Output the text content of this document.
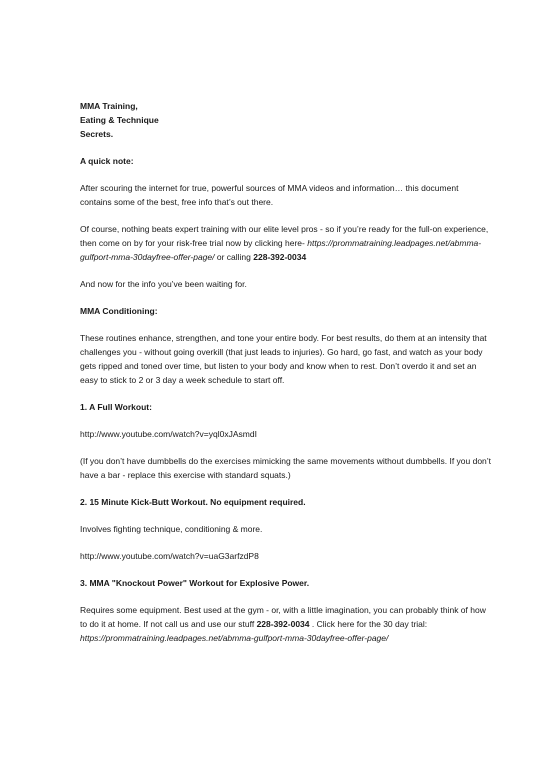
MMA Training,
Eating & Technique
Secrets.

A quick note:

After scouring the internet for true, powerful sources of MMA videos and information… this document contains some of the best, free info that’s out there.

Of course, nothing beats expert training with our elite level pros - so if you’re ready for the full-on experience, then come on by for your risk-free trial now by clicking here- https://prommatraining.leadpages.net/abmma-gulfport-mma-30dayfree-offer-page/ or calling 228-392-0034

And now for the info you’ve been waiting for.

MMA Conditioning:

These routines enhance, strengthen, and tone your entire body. For best results, do them at an intensity that challenges you - without going overkill (that just leads to injuries). Go hard, go fast, and watch as your body gets ripped and toned over time, but listen to your body and know when to rest. Don’t overdo it and set an easy to stick to 2 or 3 day a week schedule to start off.

1. A Full Workout:

http://www.youtube.com/watch?v=yql0xJAsmdI

(If you don’t have dumbbells do the exercises mimicking the same movements without dumbbells. If you don’t have a bar - replace this exercise with standard squats.)

2. 15 Minute Kick-Butt Workout. No equipment required.

Involves fighting technique, conditioning & more.

http://www.youtube.com/watch?v=uaG3arfzdP8

3. MMA "Knockout Power" Workout for Explosive Power.

Requires some equipment. Best used at the gym - or, with a little imagination, you can probably think of how to do it at home. If not call us and use our stuff 228-392-0034 . Click here for the 30 day trial: https://prommatraining.leadpages.net/abmma-gulfport-mma-30dayfree-offer-page/
